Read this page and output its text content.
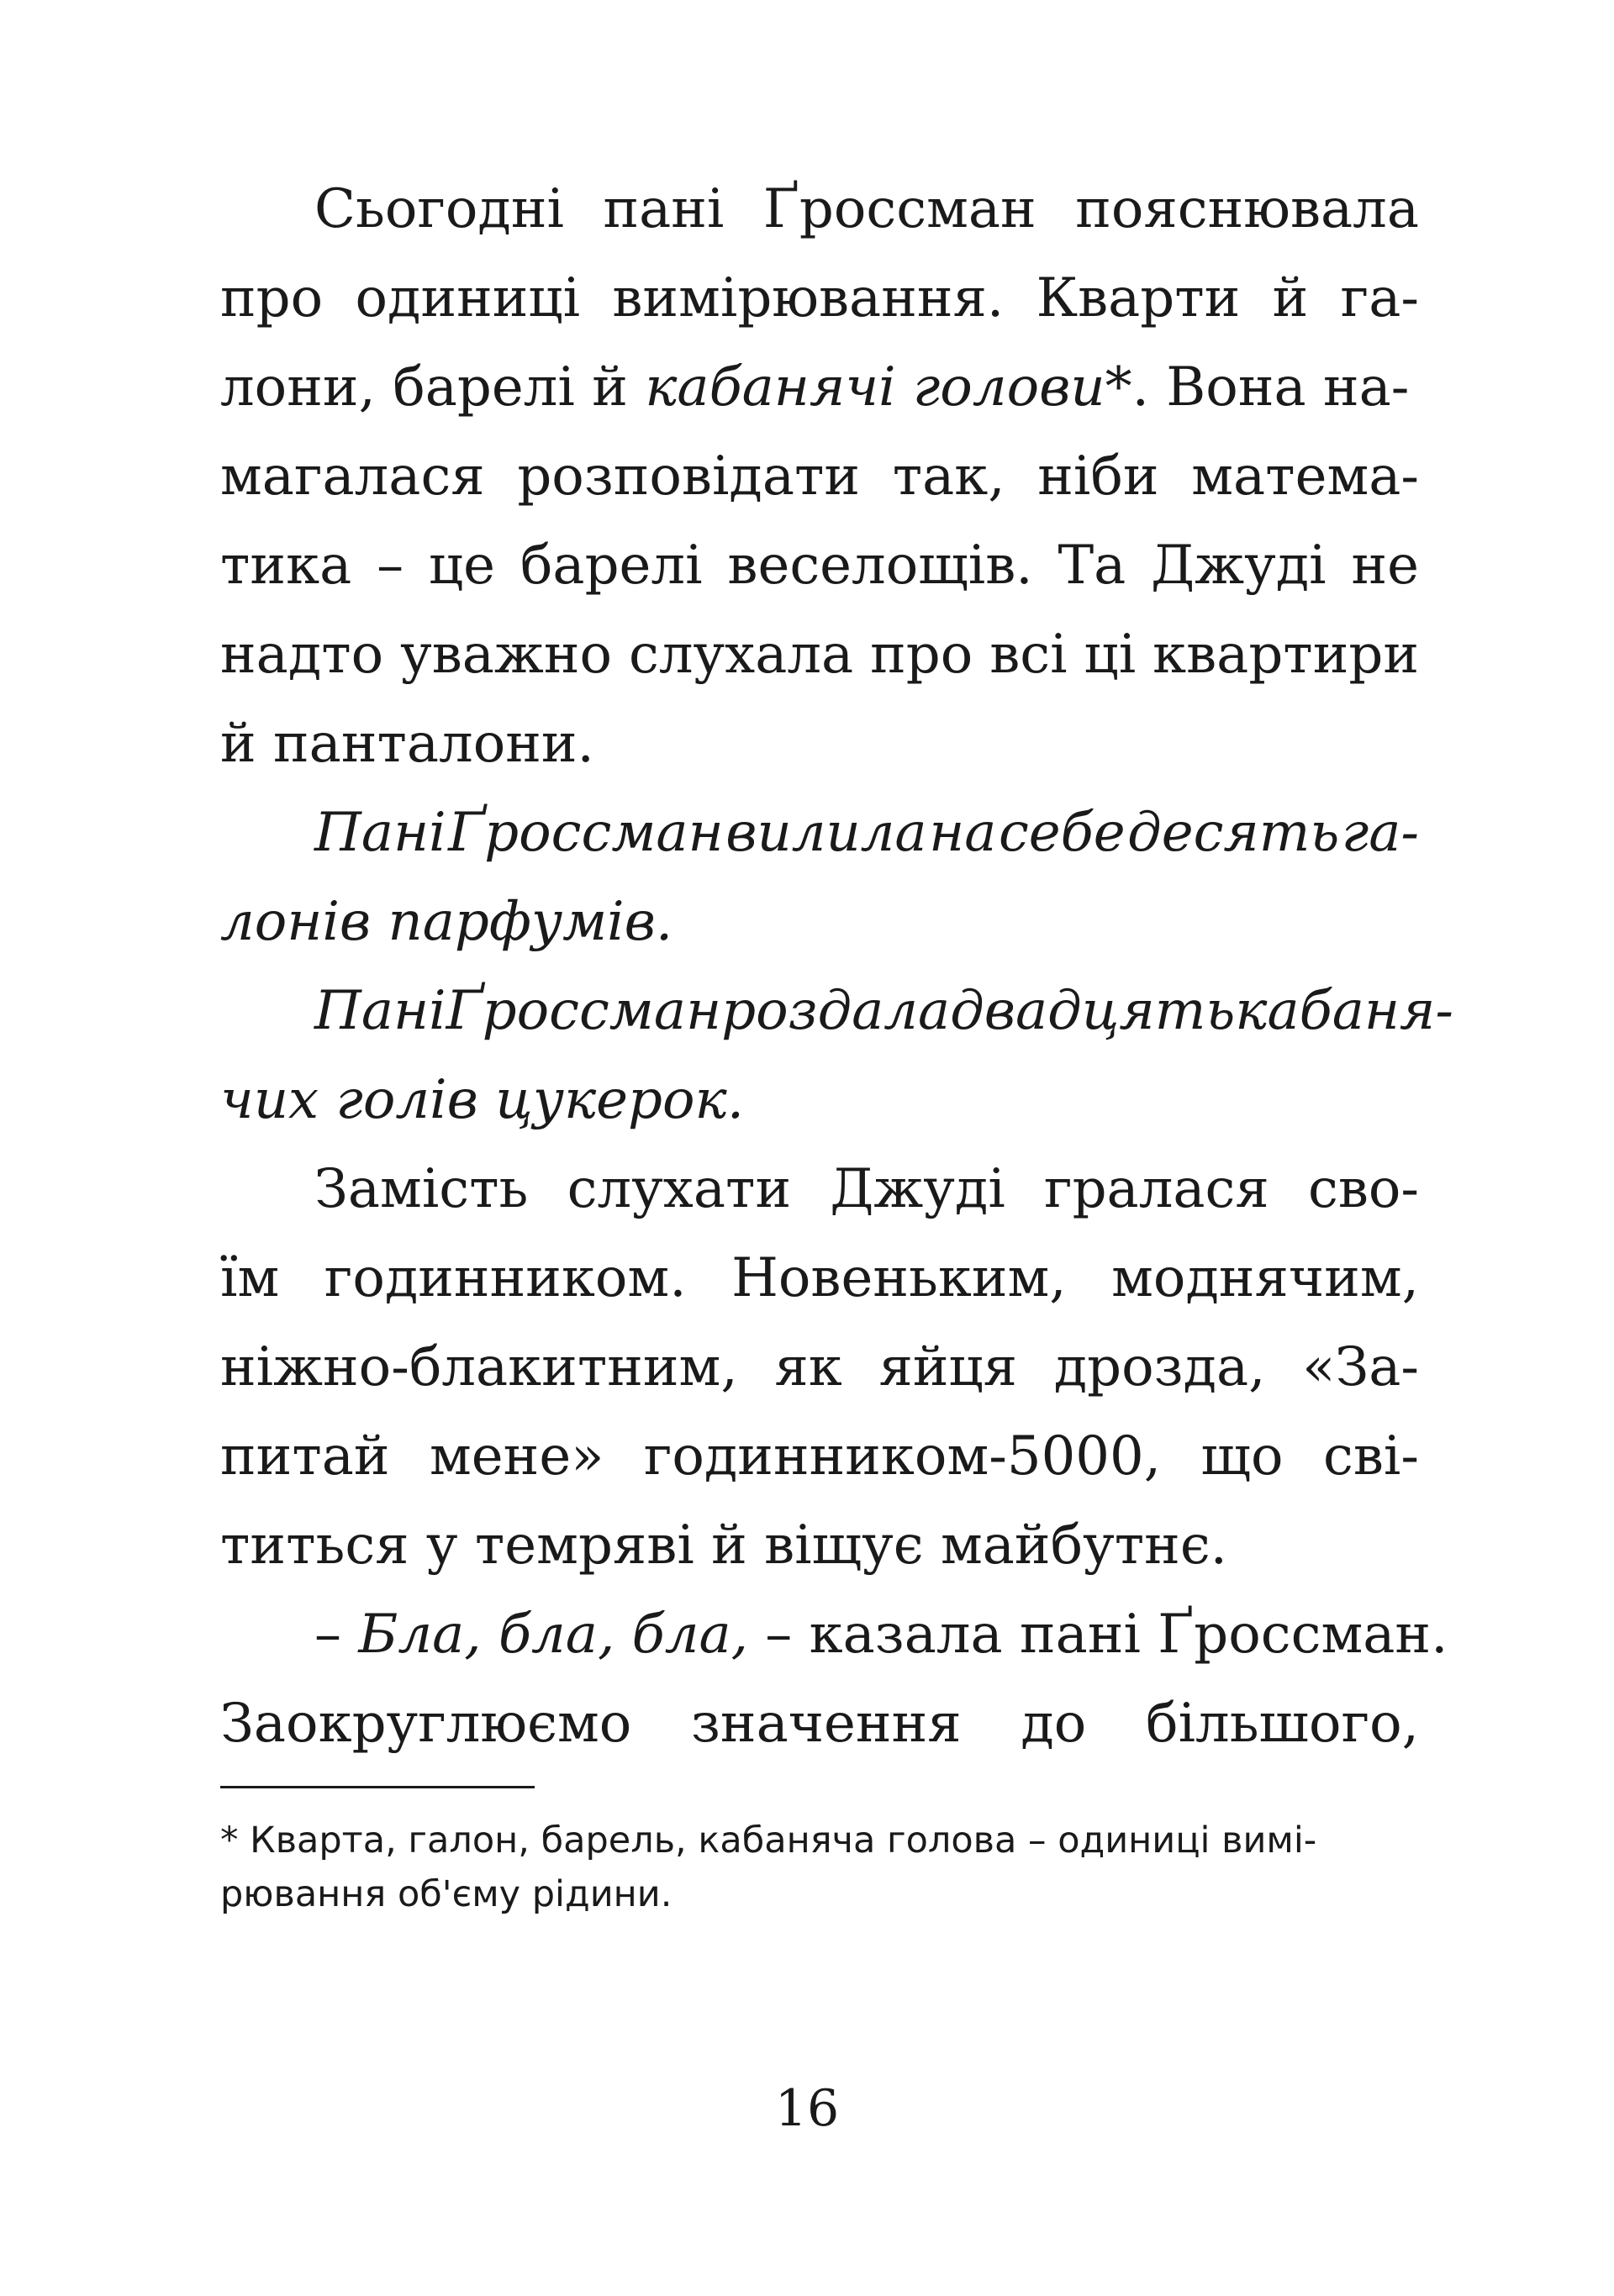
Сьогодні пані Ґроссман пояснювала
про одиниці вимірювання. Кварти й га-
лони, барелі й кабанячі голови*. Вона на-
магалася розповідати так, ніби матема-
тика – це барелі веселощів. Та Джуді не
надто уважно слухала про всі ці квартири
й панталони.
Пані Ґроссман вилила на себе десять га-
лонів парфумів.
Пані Ґроссман роздала двадцять кабаня-
чих голів цукерок.
Замість слухати Джуді гралася сво-
їм годинником. Новеньким, моднячим,
ніжно-блакитним, як яйця дрозда, «За-
питай мене» годинником-5000, що сві-
титься у темряві й віщує майбутнє.
– Бла, бла, бла, – казала пані Ґроссман.
Заокруглюємо значення до більшого,
* Кварта, галон, барель, кабаняча голова – одиниці вимі-
рювання об'єму рідини.
16
